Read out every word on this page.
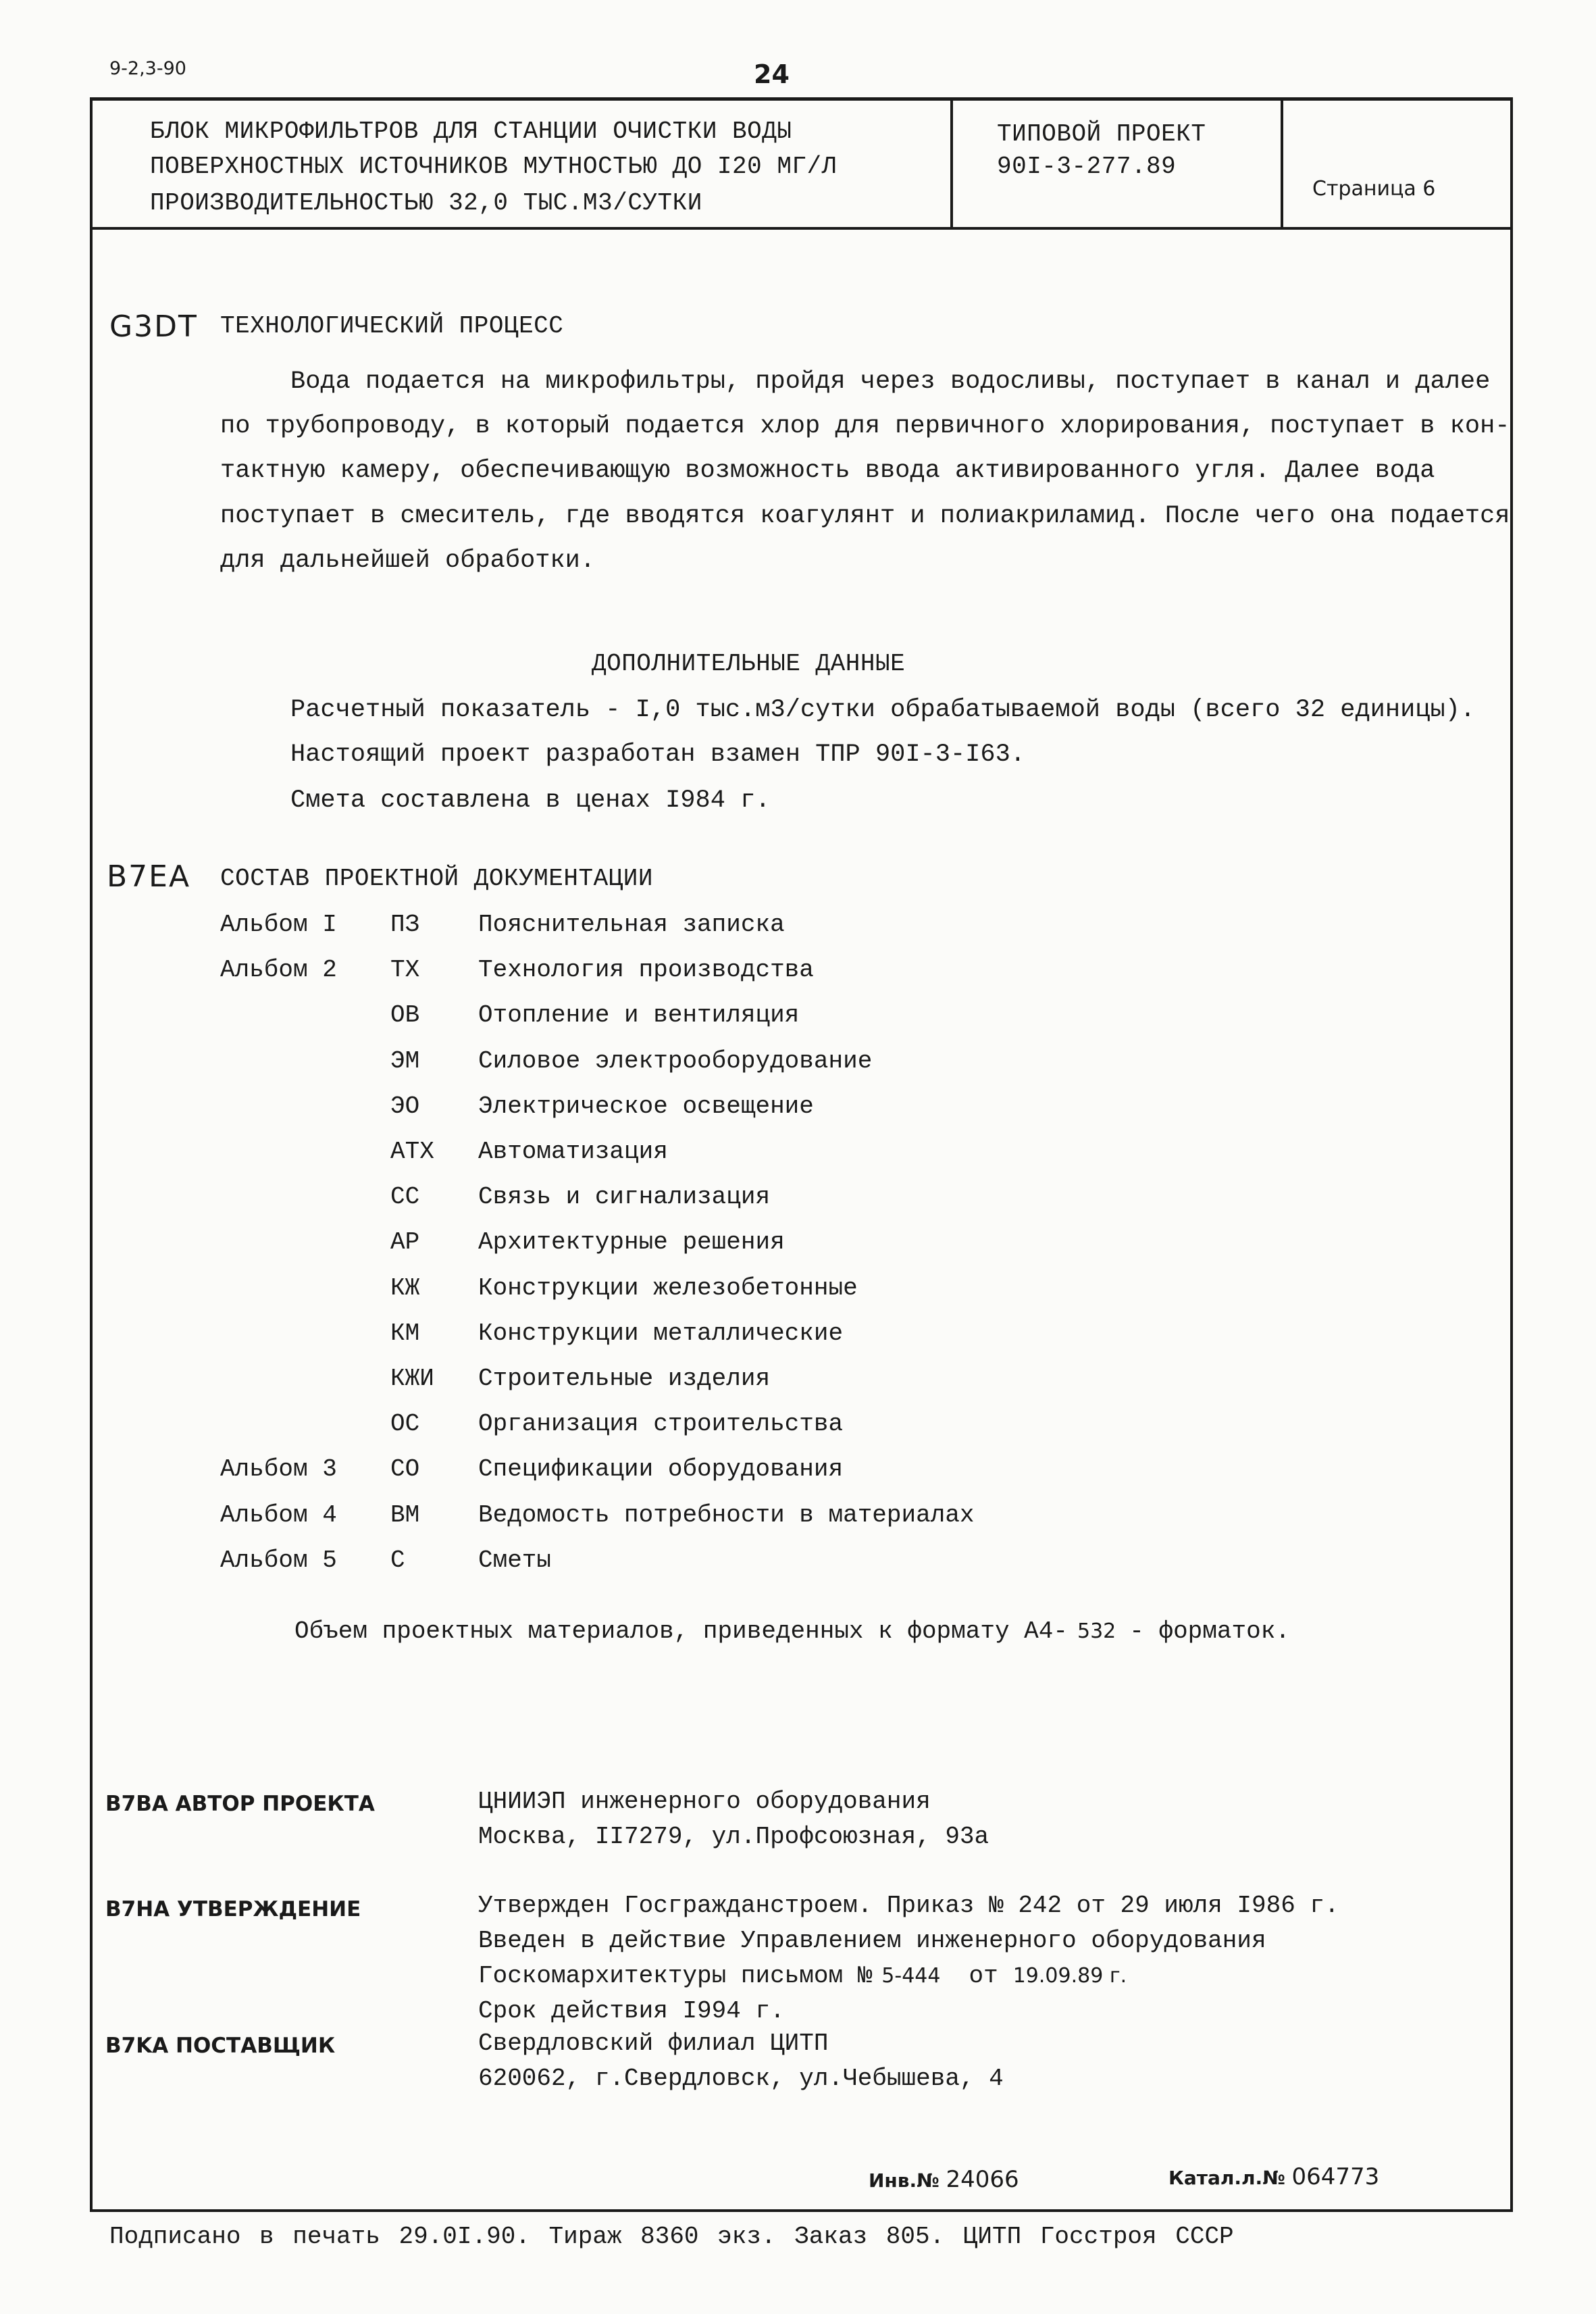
9-2,3-90	24
БЛОК МИКРОФИЛЬТРОВ ДЛЯ СТАНЦИИ ОЧИСТКИ ВОДЫ
ПОВЕРХНОСТНЫХ ИСТОЧНИКОВ МУТНОСТЬЮ ДО I20 МГ/Л
ПРОИЗВОДИТЕЛЬНОСТЬЮ 32,0 ТЫС.М3/СУТКИ
ТИПОВОЙ ПРОЕКТ
90I-3-277.89
Страница 6
G3DT ТЕХНОЛОГИЧЕСКИЙ ПРОЦЕСС
Вода подается на микрофильтры, пройдя через водосливы, поступает в канал и далее
по трубопроводу, в который подается хлор для первичного хлорирования, поступает в кон-
тактную камеру, обеспечивающую возможность ввода активированного угля. Далее вода
поступает в смеситель, где вводятся коагулянт и полиакриламид. После чего она подается
для дальнейшей обработки.
ДОПОЛНИТЕЛЬНЫЕ ДАННЫЕ
Расчетный показатель - I,0 тыс.м3/сутки обрабатываемой воды (всего 32 единицы).
Настоящий проект разработан взамен ТПР 90I-3-I63.
Смета составлена в ценах I984 г.
B7EA СОСТАВ ПРОЕКТНОЙ ДОКУМЕНТАЦИИ
Альбом I ПЗ Пояснительная записка
Альбом 2 ТХ Технология производства
ОВ Отопление и вентиляция
ЭМ Силовое электрооборудование
ЭО Электрическое освещение
АТХ Автоматизация
СС Связь и сигнализация
АР Архитектурные решения
КЖ Конструкции железобетонные
КМ Конструкции металлические
КЖИ Строительные изделия
ОС Организация строительства
Альбом 3 СО Спецификации оборудования
Альбом 4 ВМ Ведомость потребности в материалах
Альбом 5 С	Сметы
Объем проектных материалов, приведенных к формату А4- 532 - форматок.
B7BA АВТОР ПРОЕКТА	ЦНИИЭП инженерного оборудования
Москва, II7279, ул.Профсоюзная, 93а
B7HA УТВЕРЖДЕНИЕ	Утвержден Госгражданстроем. Приказ № 242 от 29 июля I986 г.
Введен в действие Управлением инженерного оборудования
Госкомархитектуры письмом № 5-444 от 19.09.89 г.
Срок действия I994 г.
B7KA ПОСТАВЩИК	Свердловский филиал ЦИТП
620062, г.Свердловск, ул.Чебышева, 4
Инв.№ 24066	Катал.л.№ 064773
Подписано в печать 29.0I.90. Тираж 8360 экз. Заказ 805. ЦИТП Госстроя СССР
